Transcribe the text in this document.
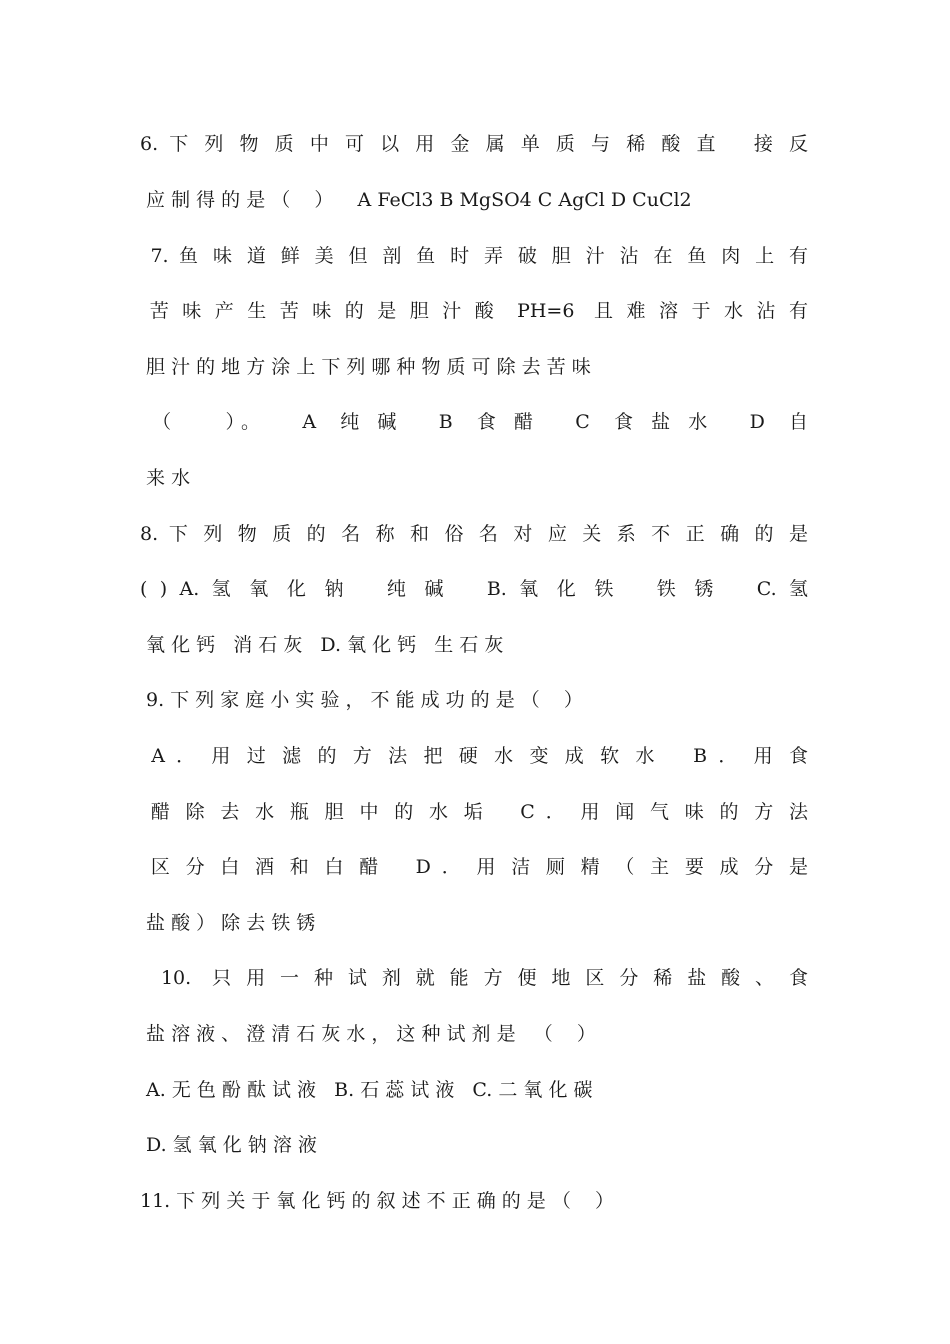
6. 下 列 物 质 中 可 以 用 金 属 单 质 与 稀 酸 直   接 反
应 制 得 的 是 （    ）    A FeCl3 B MgSO4 C AgCl D CuCl2
7. 鱼 味 道 鲜 美 但 剖 鱼 时 弄 破 胆 汁 沾 在 鱼 肉 上 有
苦 味 产 生 苦 味 的 是 胆 汁 酸  PH=6  且 难 溶 于 水 沾 有
胆 汁 的 地 方 涂 上 下 列 哪 种 物 质 可 除 去 苦 味
（    ）。   A  纯 碱   B  食 醋   C  食 盐 水   D  自
来 水
8. 下 列 物 质 的 名 称 和 俗 名 对 应 关 系 不 正 确 的 是
( ) A. 氢 氧 化 钠   纯 碱   B. 氧 化 铁   铁 锈   C. 氢
氧 化 钙   消 石 灰   D. 氧 化 钙   生 石 灰
9. 下 列 家 庭 小 实 验 ， 不 能 成 功 的 是 （    ）
A ． 用 过 滤 的 方 法 把 硬 水 变 成 软 水   B ． 用 食
醋 除 去 水 瓶 胆 中 的 水 垢   C ． 用 闻 气 味 的 方 法
区 分 白 酒 和 白 醋   D ． 用 洁 厕 精 （ 主 要 成 分 是
盐 酸 ） 除 去 铁 锈
10.  只 用 一 种 试 剂 就 能 方 便 地 区 分 稀 盐 酸 、 食
盐 溶 液 、 澄 清 石 灰 水 ， 这 种 试 剂 是   （    ）
A. 无 色 酚 酞 试 液   B. 石 蕊 试 液   C. 二 氧 化 碳
D. 氢 氧 化 钠 溶 液
11. 下 列 关 于 氧 化 钙 的 叙 述 不 正 确 的 是 （    ）
